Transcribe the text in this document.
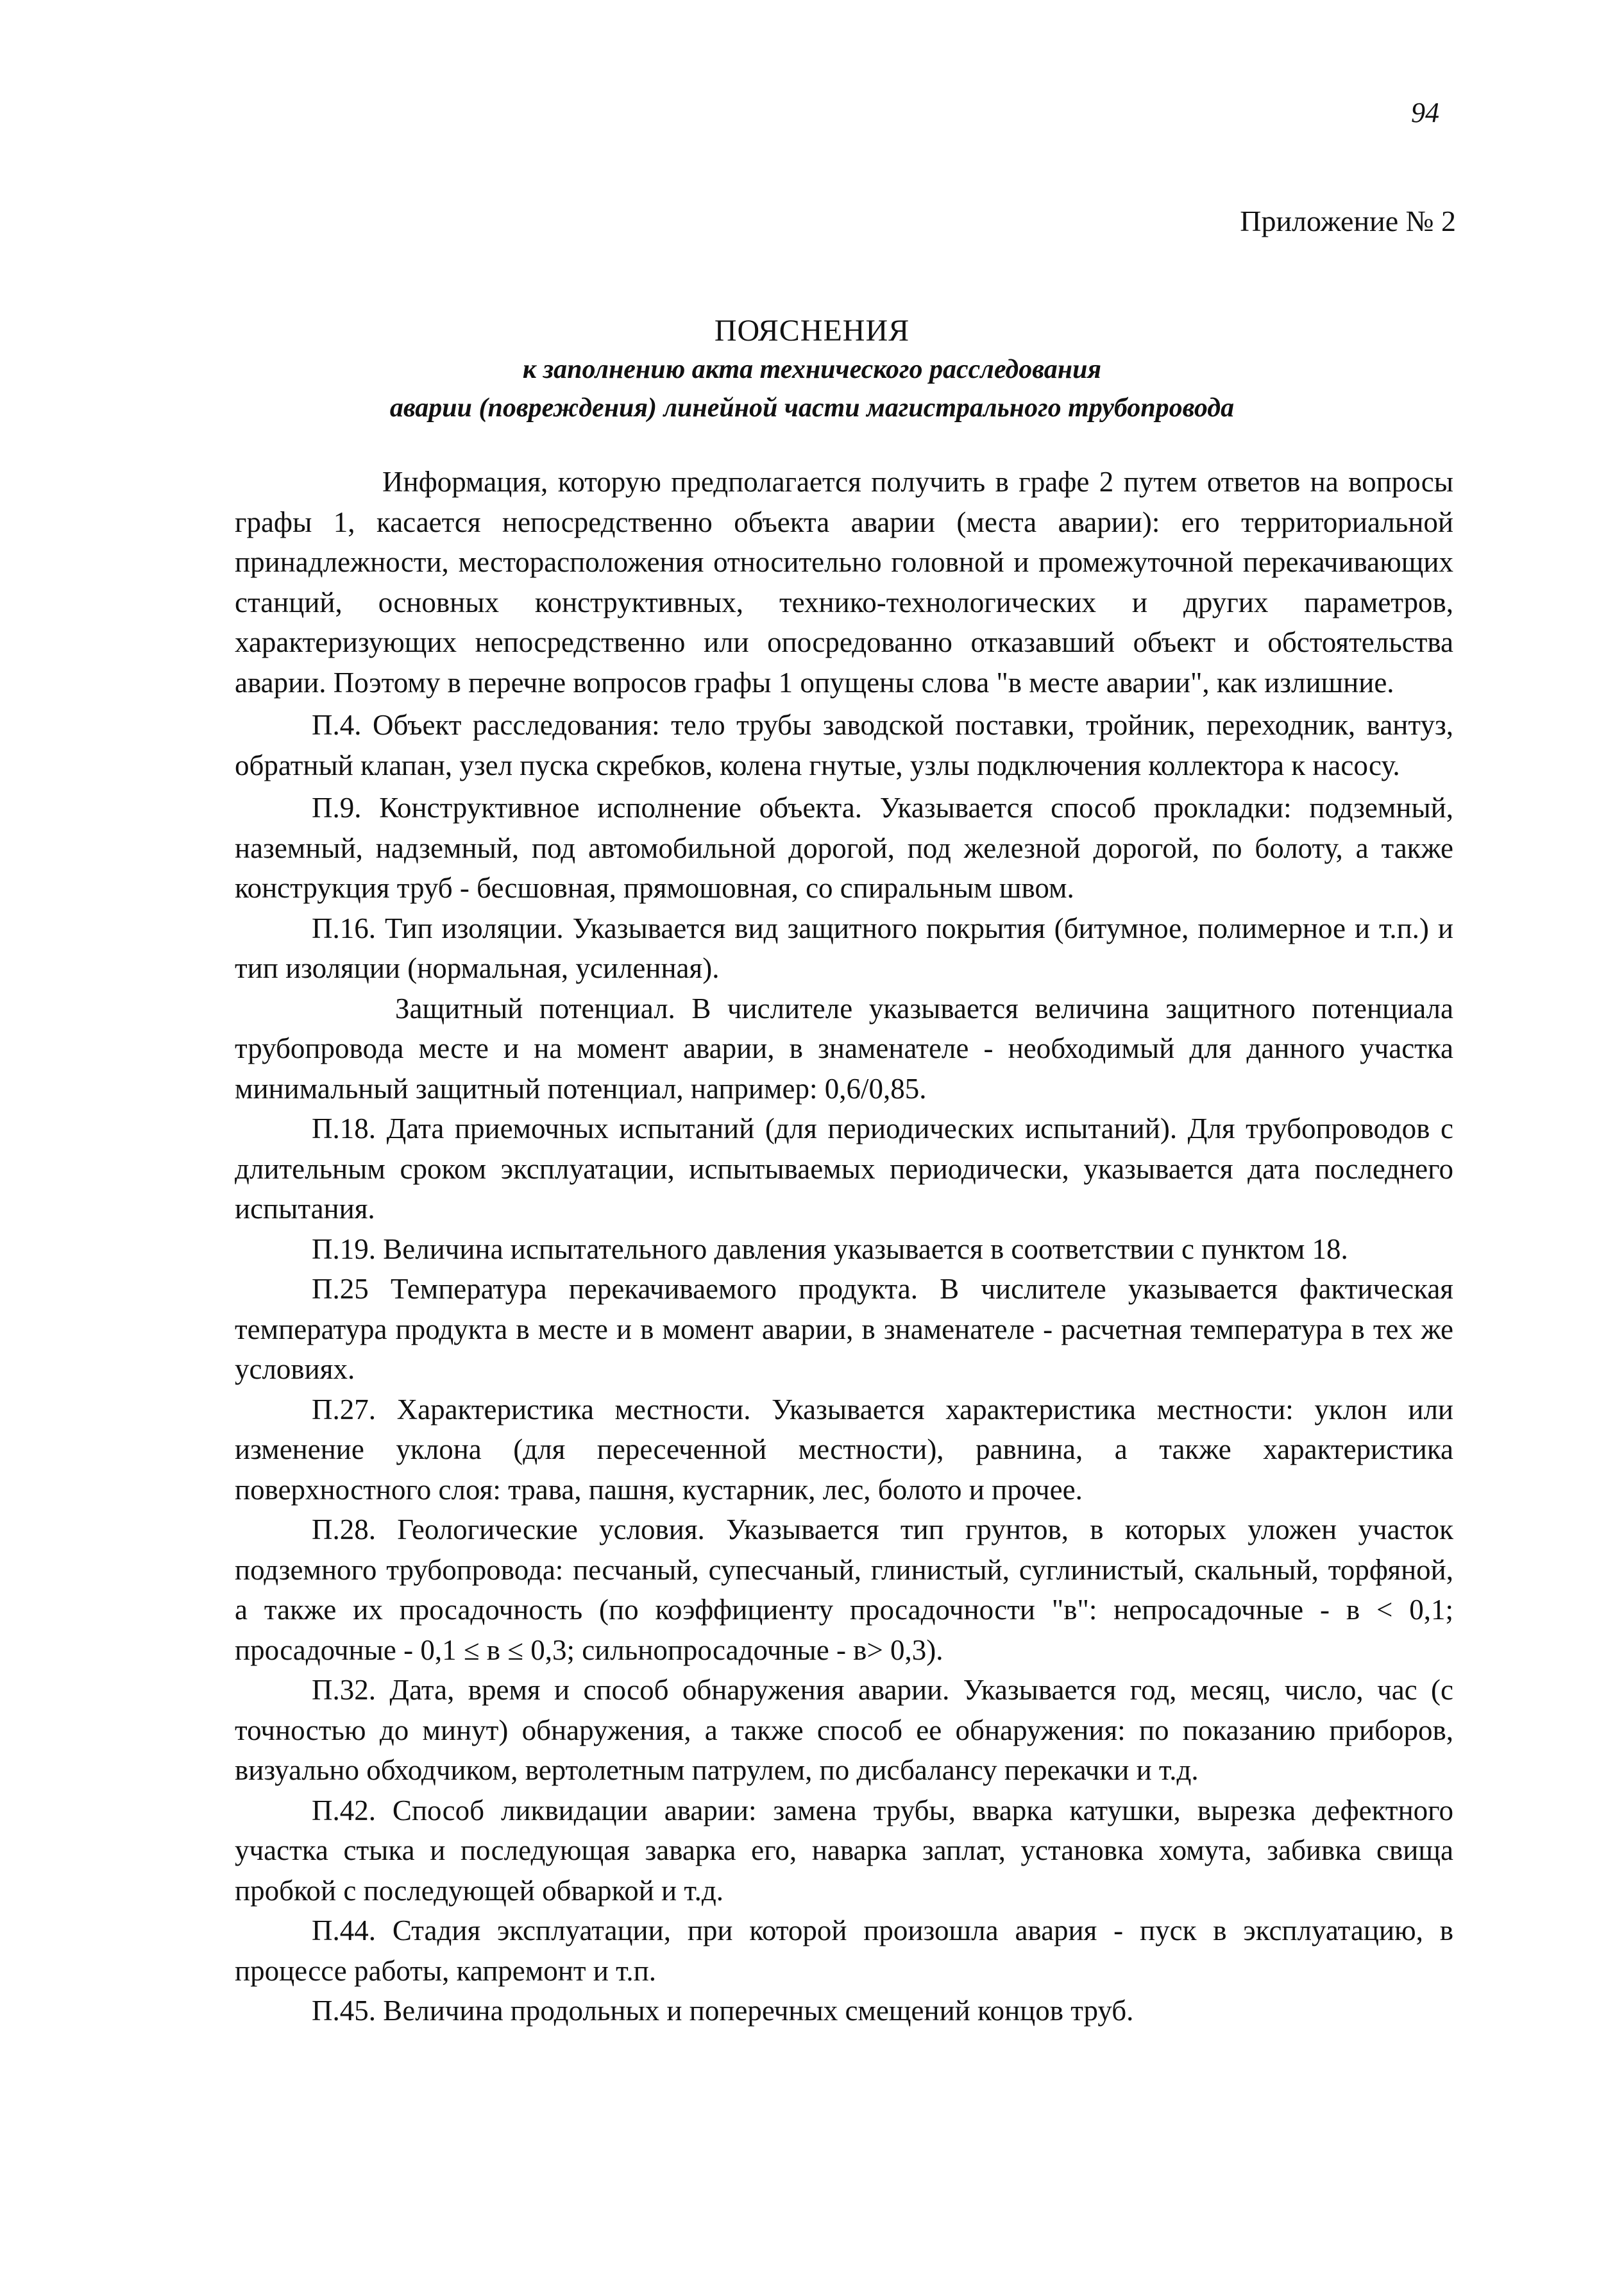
94
Приложение № 2
ПОЯСНЕНИЯ
к заполнению акта технического расследования
аварии (повреждения) линейной части магистрального трубопровода

Информация, которую предполагается получить в графе 2 путем ответов на вопросы графы 1, касается непосредственно объекта аварии (места аварии): его территориальной принадлежности, месторасположения относительно головной и промежуточной перекачивающих станций, основных конструктивных, технико-технологических и других параметров, характеризующих непосредственно или опосредованно отказавший объект и обстоятельства аварии. Поэтому в перечне вопросов графы 1 опущены слова "в месте аварии", как излишние.

П.4. Объект расследования: тело трубы заводской поставки, тройник, переходник, вантуз, обратный клапан, узел пуска скребков, колена гнутые, узлы подключения коллектора к насосу.

П.9. Конструктивное исполнение объекта. Указывается способ прокладки: подземный, наземный, надземный, под автомобильной дорогой, под железной дорогой, по болоту, а также конструкция труб - бесшовная, прямошовная, со спиральным швом.

П.16. Тип изоляции. Указывается вид защитного покрытия (битумное, полимерное и т.п.) и тип изоляции (нормальная, усиленная).

Защитный потенциал. В числителе указывается величина защитного потенциала трубопровода месте и на момент аварии, в знаменателе - необходимый для данного участка минимальный защитный потенциал, например: 0,6/0,85.

П.18. Дата приемочных испытаний (для периодических испытаний). Для трубопроводов с длительным сроком эксплуатации, испытываемых периодически, указывается дата последнего испытания.

П.19. Величина испытательного давления указывается в соответствии с пунктом 18.

П.25 Температура перекачиваемого продукта. В числителе указывается фактическая температура продукта в месте и в момент аварии, в знаменателе - расчетная температура в тех же условиях.

П.27. Характеристика местности. Указывается характеристика местности: уклон или изменение уклона (для пересеченной местности), равнина, а также характеристика поверхностного слоя: трава, пашня, кустарник, лес, болото и прочее.

П.28. Геологические условия. Указывается тип грунтов, в которых уложен участок подземного трубопровода: песчаный, супесчаный, глинистый, суглинистый, скальный, торфяной, а также их просадочность (по коэффициенту просадочности "в": непросадочные - в < 0,1; просадочные - 0,1 ≤ в ≤ 0,3; сильнопросадочные - в> 0,3).

П.32. Дата, время и способ обнаружения аварии. Указывается год, месяц, число, час (с точностью до минут) обнаружения, а также способ ее обнаружения: по показанию приборов, визуально обходчиком, вертолетным патрулем, по дисбалансу перекачки и т.д.

П.42. Способ ликвидации аварии: замена трубы, вварка катушки, вырезка дефектного участка стыка и последующая заварка его, наварка заплат, установка хомута, забивка свища пробкой с последующей обваркой и т.д.

П.44. Стадия эксплуатации, при которой произошла авария - пуск в эксплуатацию, в процессе работы, капремонт и т.п.

П.45. Величина продольных и поперечных смещений концов труб.
